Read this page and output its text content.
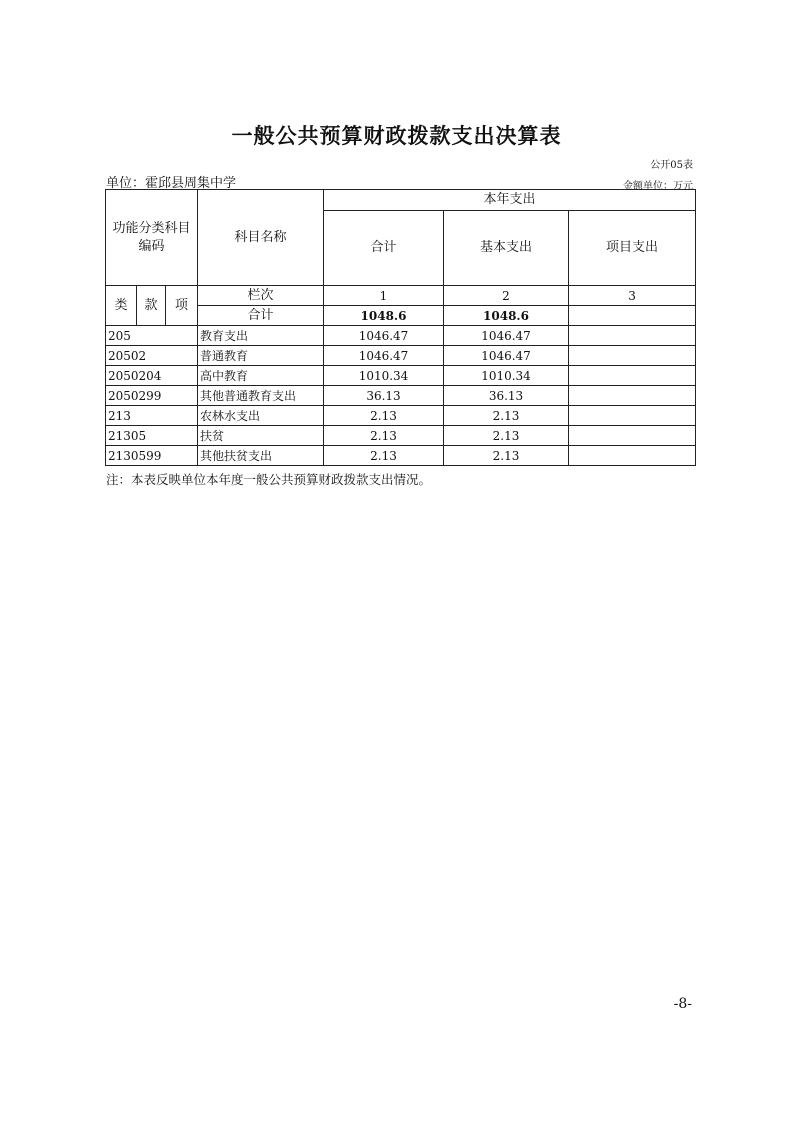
一般公共预算财政拨款支出决算表
公开05表
单位：霍邱县周集中学	金额单位：万元
功能分类科目编码			科目名称	本年支出		
				合计	基本支出	项目支出
类	款	项	栏次	1	2	3
			合计	1048.6	1048.6	
205			教育支出	1046.47	1046.47	
20502			普通教育	1046.47	1046.47	
2050204			高中教育	1010.34	1010.34	
2050299			其他普通教育支出	36.13	36.13	
213			农林水支出	2.13	2.13	
21305			扶贫	2.13	2.13	
2130599			其他扶贫支出	2.13	2.13	
注：本表反映单位本年度一般公共预算财政拨款支出情况。
-8-
